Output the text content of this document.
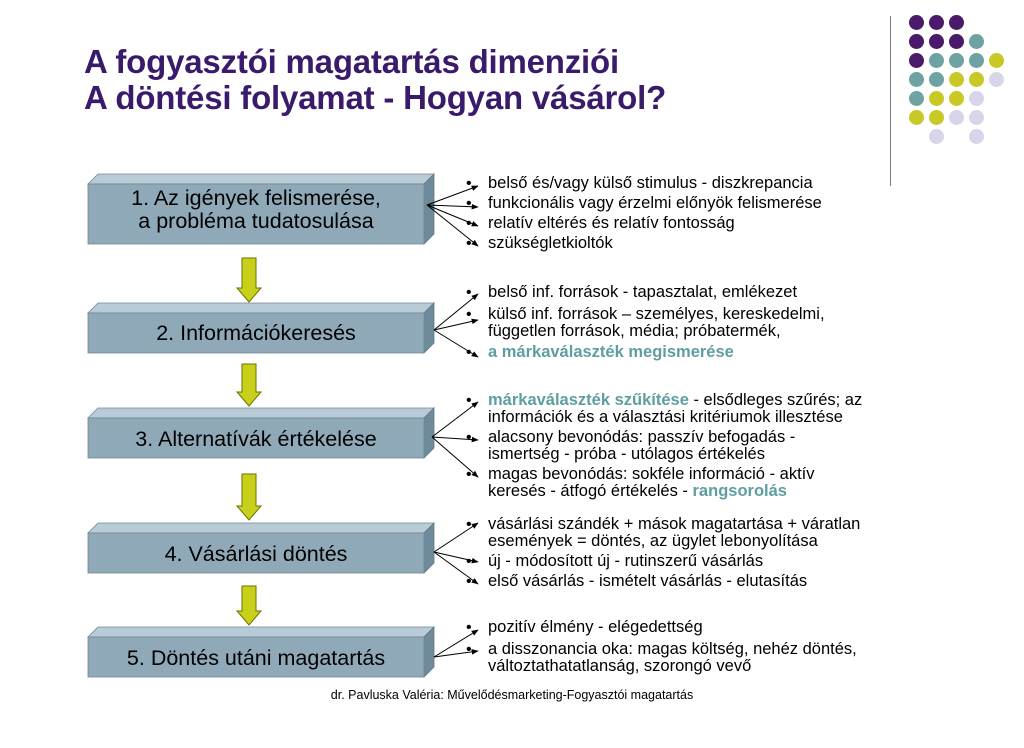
A fogyasztói magatartás dimenziói
A döntési folyamat - Hogyan vásárol?
1. Az igények felismerése,
a probléma tudatosulása
2. Információkeresés
3. Alternatívák értékelése
4. Vásárlási döntés
5. Döntés utáni magatartás
• belső és/vagy külső stimulus - diszkrepancia
• funkcionális vagy érzelmi előnyök felismerése
• relatív eltérés és relatív fontosság
• szükségletkioltók
• belső inf. források - tapasztalat, emlékezet
• külső inf. források – személyes, kereskedelmi,
független források, média; próbatermék,
• a márkaválaszték megismerése
• márkaválaszték szűkítése - elsődleges szűrés; az
információk és a választási kritériumok illesztése
• alacsony bevonódás: passzív befogadás -
ismertség - próba - utólagos értékelés
• magas bevonódás: sokféle információ - aktív
keresés - átfogó értékelés - rangsorolás
• vásárlási szándék + mások magatartása + váratlan
események = döntés, az ügylet lebonyolítása
• új - módosított új - rutinszerű vásárlás
• első vásárlás - ismételt vásárlás - elutasítás
• pozitív élmény - elégedettség
• a disszonancia oka: magas költség, nehéz döntés,
változtathatatlanság, szorongó vevő
dr. Pavluska Valéria: Művelődésmarketing-Fogyasztói magatartás
